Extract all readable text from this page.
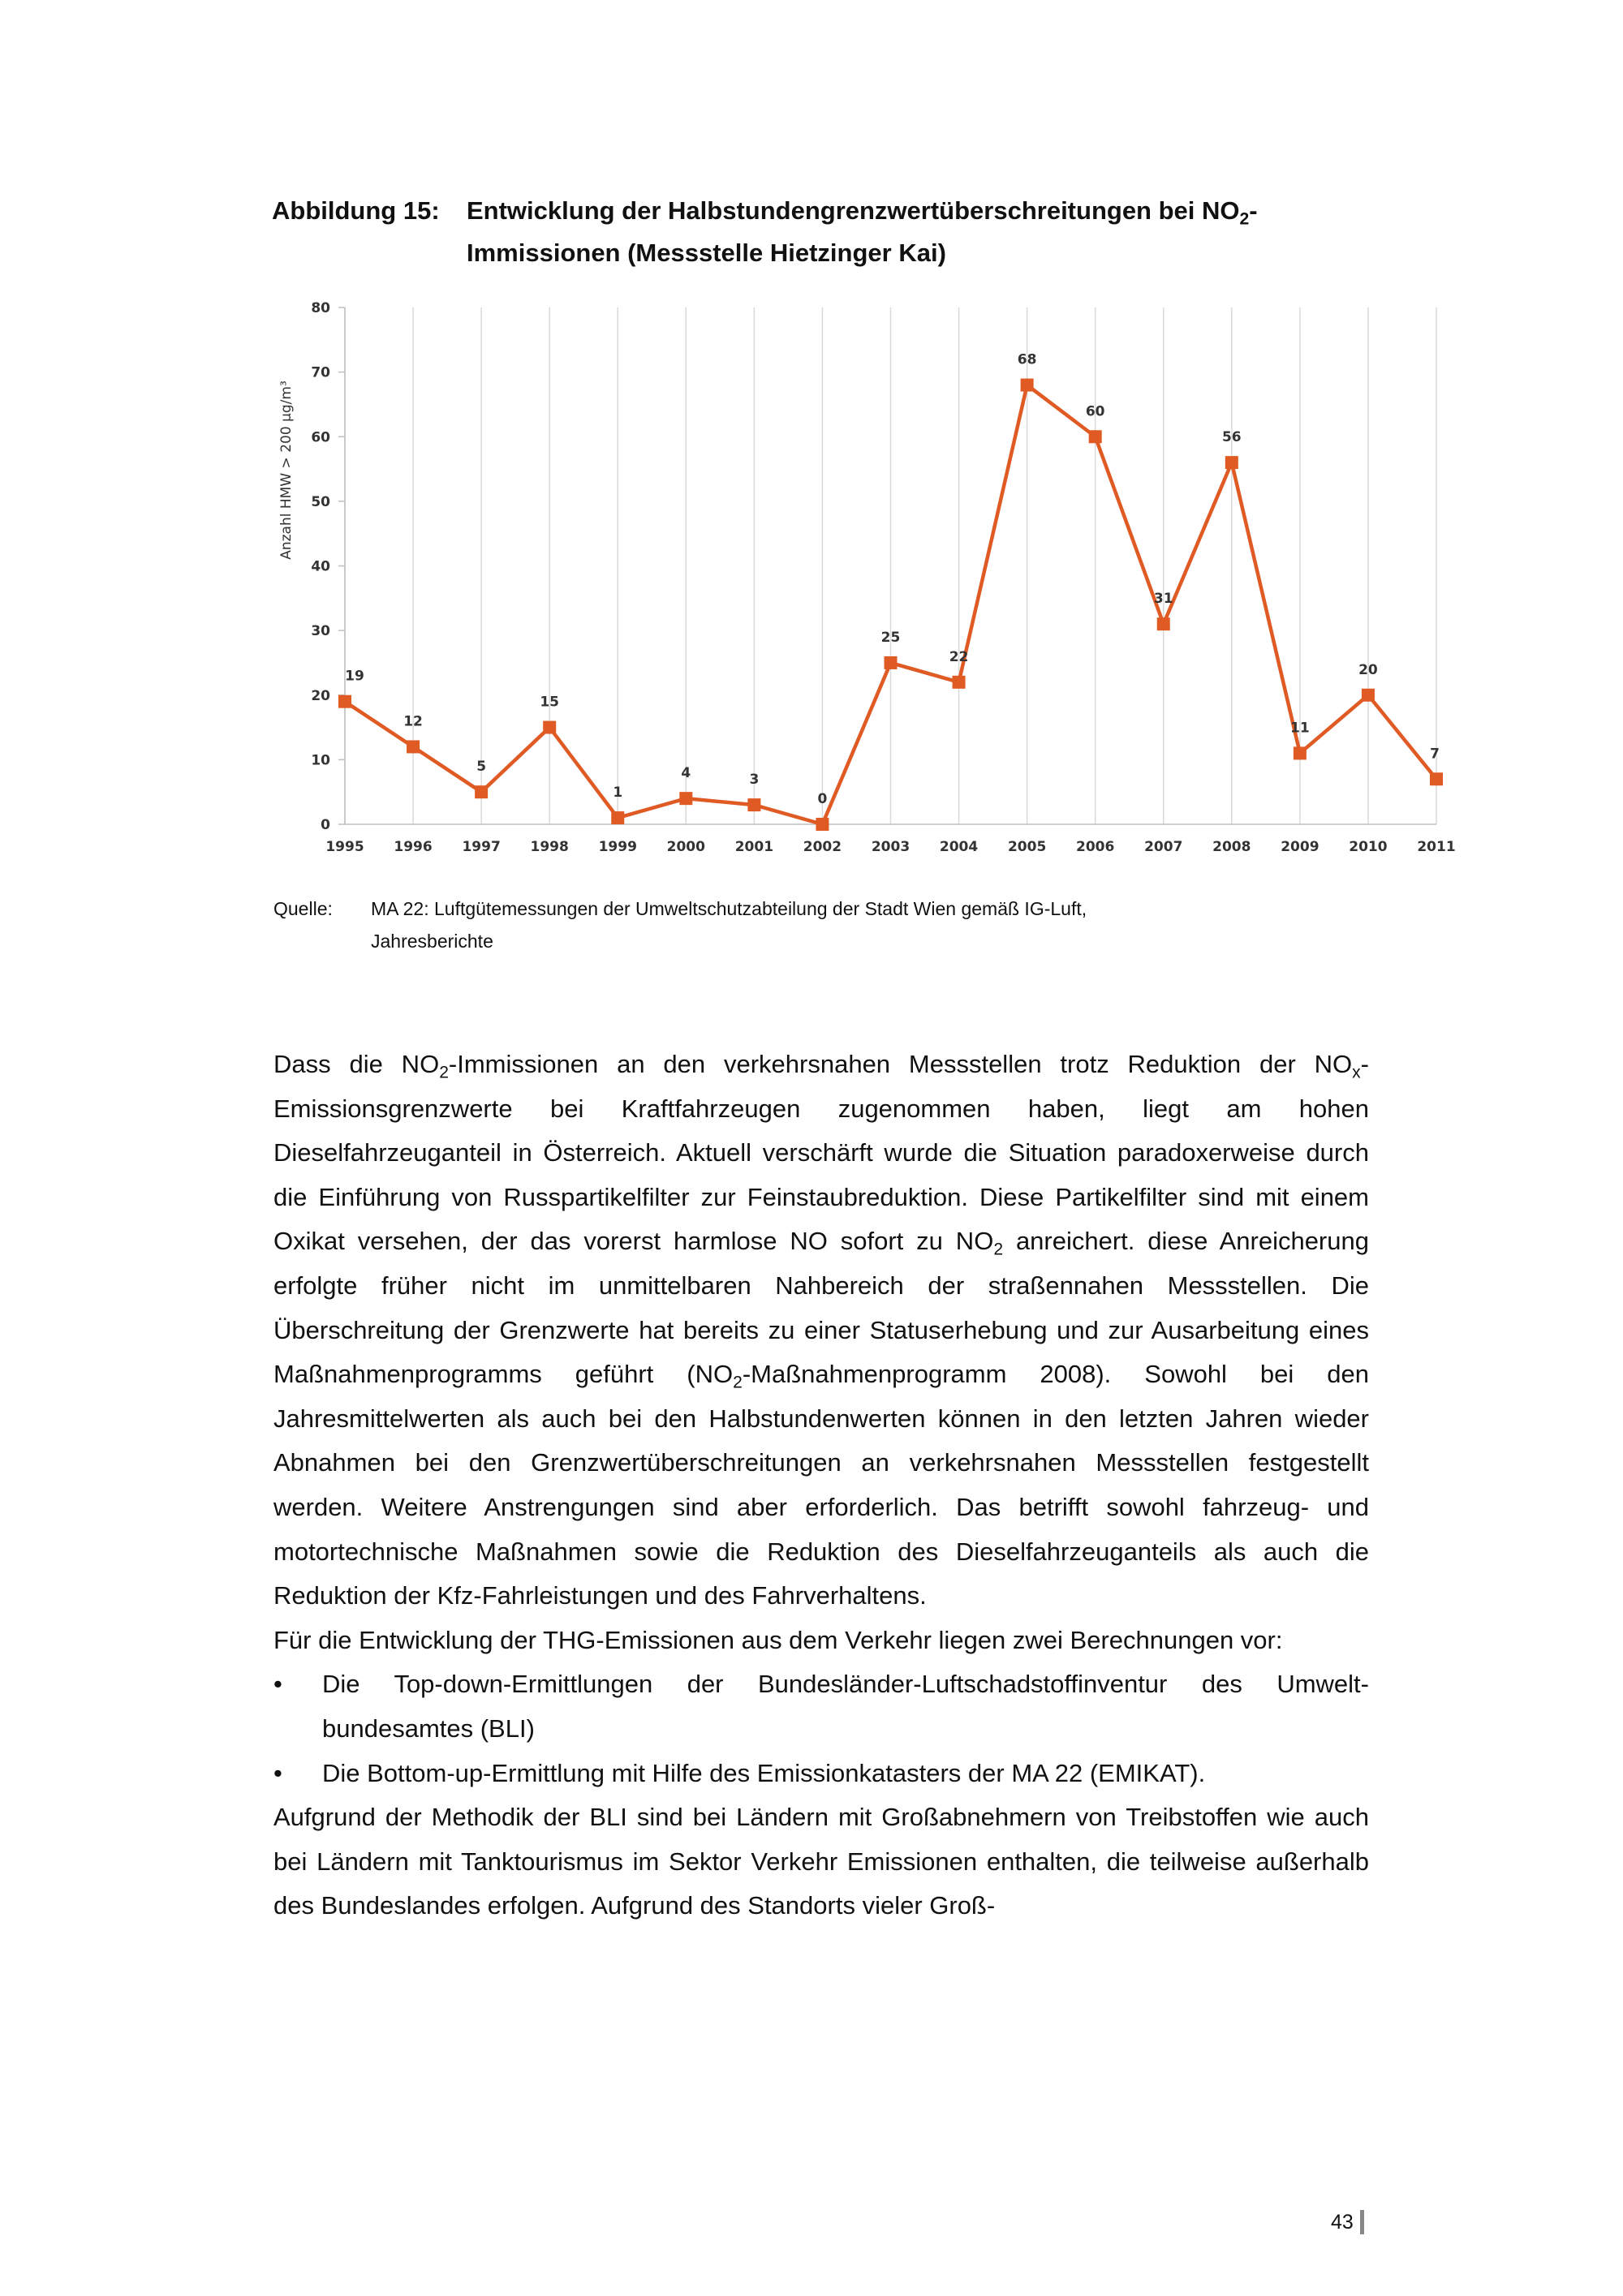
Abbildung 15: Entwicklung der Halbstundengrenzwertüberschreitungen bei $NO_2-$
Immissionen (Messstelle Hietzinger Kai)
0
10
20
30
40
50
60
70
80
1995 1996 1997 1998 1999 2000 2001 2002 2003 2004 2005 2006 2007 2008 2009 2010 2011
Anzahl HMW > 200 µg/m³
19
12
5
15
1
4	3
0
25
22
68
60
31
56
11
20
7
Quelle: MA 22: Luftgütemessungen der Umweltschutzabteilung der Stadt Wien gemäß IG-Luft,
Jahresberichte

Dass die $NO_2$-Immissionen an den verkehrsnahen Messstellen trotz Reduktion der $NO_x$-Emissionsgrenzwerte bei Kraftfahrzeugen zugenommen haben, liegt am hohen Dieselfahrzeuganteil in Österreich. Aktuell verschärft wurde die Situation paradoxerweise durch die Einführung von Russpartikelfilter zur Feinstaubreduktion. Diese Partikelfilter sind mit einem Oxikat versehen, der das vorerst harmlose NO sofort zu $NO_2$ anreichert. diese Anreicherung erfolgte früher nicht im unmittelbaren Nahbereich der straßennahen Messstellen. Die Überschreitung der Grenzwerte hat bereits zu einer Statuserhebung und zur Ausarbeitung eines Maßnahmenprogramms geführt ($NO_2$-Maßnahmenprogramm 2008). Sowohl bei den Jahresmittelwerten als auch bei den Halbstundenwerten können in den letzten Jahren wieder Abnahmen bei den Grenzwertüberschreitungen an verkehrsnahen Messstellen festgestellt werden. Weitere Anstrengungen sind aber erforderlich. Das betrifft sowohl fahrzeug- und motortechnische Maßnahmen sowie die Reduktion des Dieselfahrzeuganteils als auch die Reduktion der Kfz-Fahrleistungen und des Fahrverhaltens.

Für die Entwicklung der THG-Emissionen aus dem Verkehr liegen zwei Berechnungen vor:

• Die Top-down-Ermittlungen der Bundesländer-Luftschadstoffinventur des Umwelt-bundesamtes (BLI)
• Die Bottom-up-Ermittlung mit Hilfe des Emissionkatasters der MA 22 (EMIKAT).

Aufgrund der Methodik der BLI sind bei Ländern mit Großabnehmern von Treibstoffen wie auch bei Ländern mit Tanktourismus im Sektor Verkehr Emissionen enthalten, die teilweise außerhalb des Bundeslandes erfolgen. Aufgrund des Standorts vieler Groß-

43
